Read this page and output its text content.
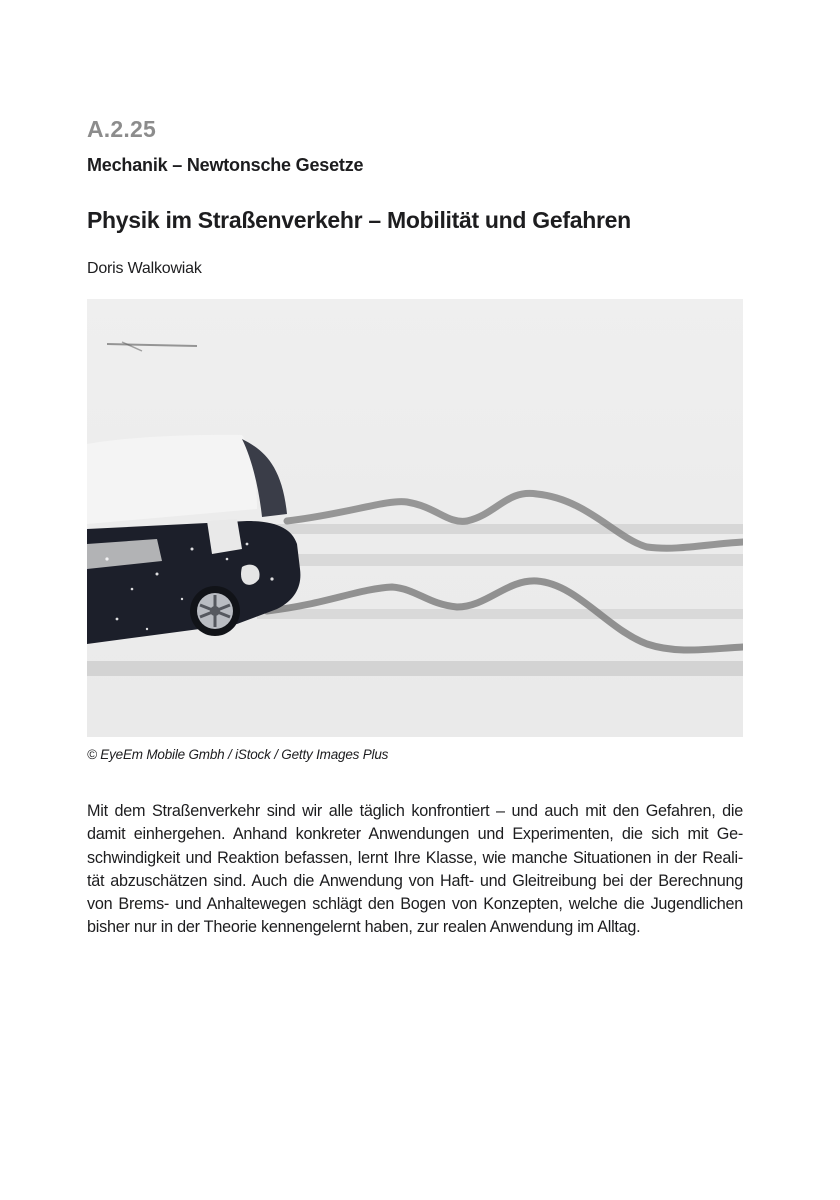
A.2.25
Mechanik – Newtonsche Gesetze
Physik im Straßenverkehr – Mobilität und Gefahren
Doris Walkowiak
© EyeEm Mobile Gmbh / iStock / Getty Images Plus
Mit dem Straßenverkehr sind wir alle täglich konfrontiert – und auch mit den Gefahren, die
damit einhergehen. Anhand konkreter Anwendungen und Experimenten, die sich mit Ge-
schwindigkeit und Reaktion befassen, lernt Ihre Klasse, wie manche Situationen in der Reali-
tät abzuschätzen sind. Auch die Anwendung von Haft- und Gleitreibung bei der Berechnung
von Brems- und Anhaltewegen schlägt den Bogen von Konzepten, welche die Jugendlichen
bisher nur in der Theorie kennengelernt haben, zur realen Anwendung im Alltag.
